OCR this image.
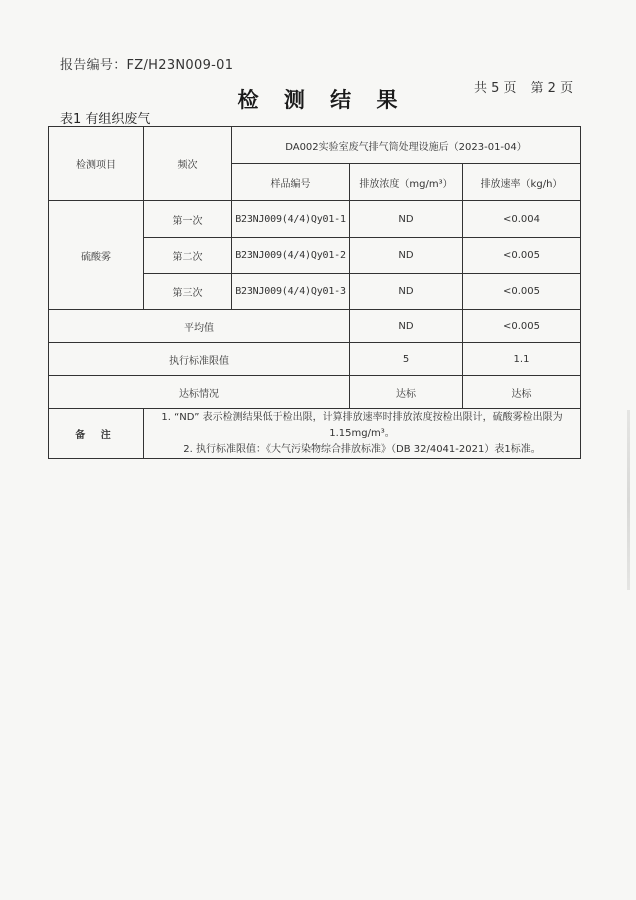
报告编号：FZ/H23N009-01
共 5 页 第 2 页
检 测 结 果
表1 有组织废气
检测项目	频次	DA002实验室废气排气筒处理设施后（2023-01-04）		
		样品编号	排放浓度（mg/m³）	排放速率（kg/h）
硫酸雾	第一次	B23NJ009(4/4)Qy01-1	ND	<0.004
	第二次	B23NJ009(4/4)Qy01-2	ND	<0.005
	第三次	B23NJ009(4/4)Qy01-3	ND	<0.005
平均值			ND	<0.005
执行标准限值			5	1.1
达标情况			达标	达标
备 注	1. “ND” 表示检测结果低于检出限，计算排放速率时排放浓度按检出限计，硫酸雾检出限为1.15mg/m³。
2. 执行标准限值：《大气污染物综合排放标准》（DB 32/4041-2021）表1标准。			
